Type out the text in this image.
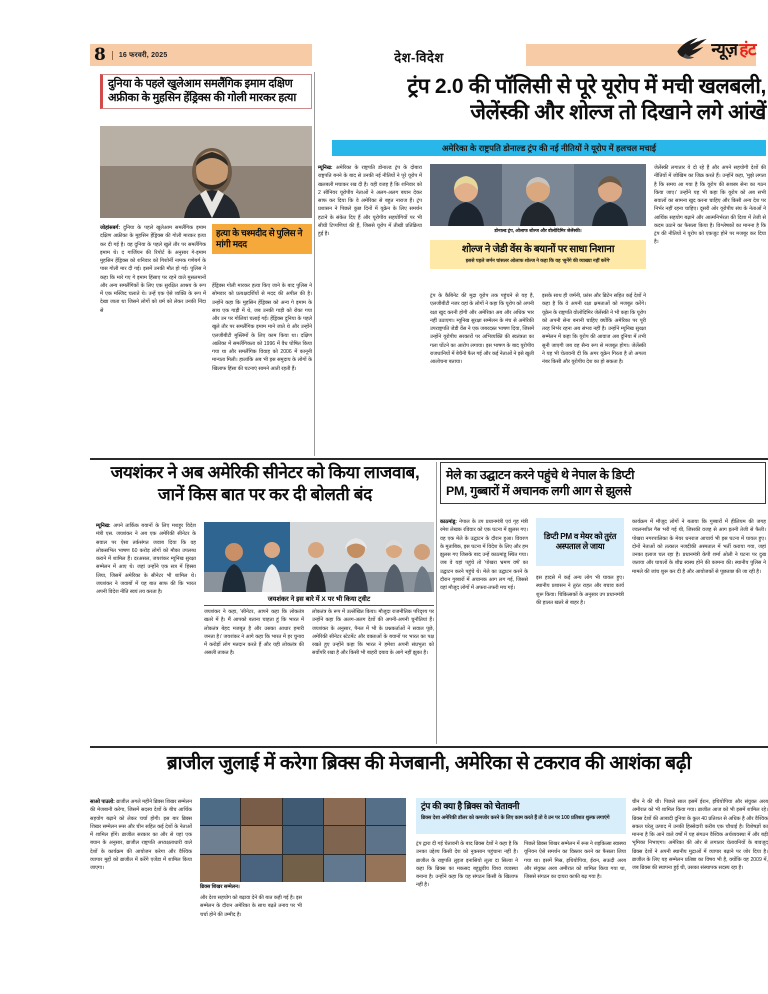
8	16 फरवरी, 2025	देश-विदेश	न्यूज़ हंट
दुनिया के पहले खुलेआम समलैंगिक इमाम दक्षिण अफ्रीका के मुहसिन हेंड्रिक्स की गोली मारकर हत्या
जोहांसबर्ग: दुनिया के पहले खुलेआम समलैंगिक इमाम दक्षिण अफ्रीका के मुहसिन हेंड्रिक्स की गोली मारकर हत्या कर दी गई है। वह दुनिया के पहले खुले तौर पर समलैंगिक इमाम थे। द गार्जियन की रिपोर्ट के अनुसार गे-इमाम मुहसिन हेंड्रिक्स को शनिवार को गिशोर्नी नामक गणेबर्ग के पास गोली मार दी गई। इसमें उनकी मौत हो गई। पुलिस ने कहा कि मारे गए गे इमाम हिंसाए पर रहने वाले मुसलमानों और अन्य समलैंगिकों के लिए एक सुरक्षित आश्रय के रूप में एक मस्जिद चलाते थे। उन्हें एक ऐसे व्यक्ति के रूप में देखा जाता था जिसने लोगों को धर्म को लेकर उनकी निंदा से
हत्या के चश्मदीद से पुलिस ने मांगी मदद
हेंड्रिक्स गोली मारकर हत्या किए जाने के बाद पुलिस ने सोमवार को प्रत्यक्षदर्शियों से मदद की अपील की है। उन्होंने कहा कि मुहसिन हेंड्रिक्स को अन्य गे इमाम के साथ एक गाड़ी में थे, जब उनकी गाड़ी को रोका गया और उन पर गोलियां चलाई गईं। हेंड्रिक्स दुनिया के पहले खुले तौर पर समलैंगिक इमाम माने जाते थे और उन्होंने एलजीबीटी मुस्लिमों के लिए काम किया था। दक्षिण अफ्रीका में समलैंगिकता को 1996 में वैध घोषित किया गया था और समलैंगिक विवाह को 2006 में कानूनी मान्यता मिली। हालांकि अब भी इस समुदाय के लोगों के खिलाफ हिंसा की घटनाएं सामने आती रहती हैं।
ट्रंप 2.0 की पॉलिसी से पूरे यूरोप में मची खलबली,
जेलेंस्की और शोल्ज तो दिखाने लगे आंखें
अमेरिका के राष्ट्रपति डोनाल्ड ट्रंप की नई नीतियों ने यूरोप में हलचल मचाई
म्यूनिख: अमेरिका के राष्ट्रपति डोनाल्ड ट्रंप के दोबारा राष्ट्रपति बनने के बाद से उनकी नई नीतियों ने पूरे यूरोप में खलबली मचाकर रख दी है। यही वजह है कि शनिवार को 2 सीनियर यूरोपीय नेताओं ने अलग-अलग बयान देकर साफ कर दिया कि वे अमेरिका से बहुत नाराज हैं। ट्रंप प्रशासन ने पिछले कुछ दिनों में यूक्रेन के लिए समर्थन हटाने के संकेत दिए हैं और यूरोपीय सहयोगियों पर भी सीधी टिप्पणियां की हैं, जिससे यूरोप में तीखी प्रतिक्रिया हुई है।
डोनाल्ड ट्रंप, ओलाफ शोल्ज और वोलोदिमिर जेलेंस्की।
शोल्ज ने जेडी वेंस के बयानों पर साधा निशाना
इससे पहले जर्मन चांसलर ओलाफ शोल्ज ने कहा कि वह 'सुनेंगे की व्याख्या नहीं करेंगे'
ट्रंप के कैबिनेट की मुद्रा यूरोप तक पहुंचने से यह है, एलजीबीटी नजर वहां के लोगों ने कहा कि यूरोप को अपनी रक्षा खुद करनी होगी और अमेरिका अब और अधिक भार नहीं उठाएगा। म्यूनिख सुरक्षा सम्मेलन के मंच से अमेरिकी उपराष्ट्रपति जेडी वेंस ने एक जबरदस्त भाषण दिया, जिसमें उन्होंने यूरोपीय सरकारों पर अभिव्यक्ति की स्वतंत्रता का गला घोंटने का आरोप लगाया। इस भाषण के बाद यूरोपीय राजधानियों में बेचैनी फैल गई और कई नेताओं ने इसे खुली आलोचना बताया।
इसके साथ ही जर्मनी, फ्रांस और ब्रिटेन सहित कई देशों ने कहा है कि वे अपनी रक्षा क्षमताओं को मजबूत करेंगे। यूक्रेन के राष्ट्रपति वोलोदिमिर जेलेंस्की ने भी कहा कि यूरोप को अपनी सेना बनानी चाहिए क्योंकि अमेरिका पर पूरी तरह निर्भर रहना अब संभव नहीं है। उन्होंने म्यूनिख सुरक्षा सम्मेलन में कहा कि यूरोप की आवाज अब दुनिया में तभी सुनी जाएगी जब वह सैन्य रूप से मजबूत होगा। जेलेंस्की ने यह भी चेतावनी दी कि अगर यूक्रेन गिरता है तो अगला नंबर किसी और यूरोपीय देश का हो सकता है।
जेलेंस्की लगातार ये दो रहे हैं और अपने सहयोगी देशों की नीतियों में जोखिम का जिक्र करते हैं। उन्होंने कहा, 'मुझे लगता है कि समय आ गया है कि यूरोप की सशस्त्र सेना का गठन किया जाए।' उन्होंने यह भी कहा कि यूरोप को अब सभी सवालों का सामना खुद करना चाहिए और किसी अन्य देश पर निर्भर नहीं रहना चाहिए। दूसरी ओर यूरोपीय संघ के नेताओं ने आर्थिक सहयोग बढ़ाने और आत्मनिर्भरता की दिशा में तेजी से कदम उठाने का फैसला किया है। विश्लेषकों का मानना है कि ट्रंप की नीतियों ने यूरोप को एकजुट होने पर मजबूर कर दिया है।
जयशंकर ने अब अमेरिकी सीनेटर को किया लाजवाब, जानें किस बात पर कर दी बोलती बंद
म्यूनिख: अपने तार्किक बयानों के लिए मशहूर विदेश मंत्री एस. जयशंकर ने अब एक अमेरिकी सीनेटर के सवाल पर ऐसा तर्कसंगत जवाब दिया कि वह लोकसभित भाषण 60 करोड़ लोगों को मौका उपलब्ध कराने में शामिल हैं। दरअसल, जयशंकर म्यूनिख सुरक्षा सम्मेलन में आए थे। जहां उन्होंने एक सत्र में हिस्सा लिया, जिसमें अमेरिका के सीनेटर भी शामिल थे। जयशंकर ने जवाबों में यह बात साफ की कि भारत अपनी विदेश नीति स्वयं तय करता है।
जयशंकर ने इस बारे में X पर भी किया ट्वीट
जयशंकर ने कहा, 'सीनेटर, आपने कहा कि लोकतंत्र खतरे में है। मैं आपको बताना चाहता हूं कि भारत में लोकतंत्र बेहद मजबूत है और उसका आधार हमारी जनता है।' जयशंकर ने आगे कहा कि भारत में हर चुनाव में करोड़ों लोग मतदान करते हैं और यही लोकतंत्र की असली ताकत है।
लोकतंत्र के रूप में उल्लेखित किया। मौजूदा राजनीतिक परिदृश्य पर उन्होंने कहा कि अलग-अलग देशों की अपनी-अपनी चुनौतियां हैं। जयशंकर के अनुसार, पैनल में भी के प्रश्नकर्ताओं ने सवाल पूछे, अमेरिकी सीनेटर स्टेटमेंट और वक्ताओं के बयानों पर भारत का पक्ष रखते हुए उन्होंने कहा कि भारत ने हमेशा अपनी संप्रभुता को सर्वोपरि रखा है और किसी भी बाहरी दबाव के आगे नहीं झुका है।
मेले का उद्घाटन करने पहुंचे थे नेपाल के डिप्टी
PM, गुब्बारों में अचानक लगी आग से झुलसे
काठमांडू: नेपाल के उप प्रधानमंत्री एवं गृह मंत्री रमेश लेखक रविवार को एक घटना में झुलस गए। वह एक मेले के उद्घाटन के दौरान हुआ। विवरण के मुताबिक, इस घटना में विदेश के लिए और हम झुलस गए जिसके बाद उन्हें काठमांडू स्थित गया। जब वे यहां पहुंचे तो 'पोखरा भ्रमण वर्ष' का उद्घाटन करने पहुंचे थे। मेले का उद्घाटन करने के दौरान गुब्बारों में अचानक आग लग गई, जिससे वहां मौजूद लोगों में अफरा-तफरी मच गई।
डिप्टी PM व मेयर को तुरंत अस्पताल ले जाया
इस हादसे में कई अन्य लोग भी घायल हुए। स्थानीय प्रशासन ने तुरंत राहत और बचाव कार्य शुरू किया। चिकित्सकों के अनुसार उप प्रधानमंत्री की हालत खतरे से बाहर है।
कार्यक्रम में मौजूद लोगों ने बताया कि गुब्बारों में हीलियम की जगह ज्वलनशील गैस भरी गई थी, जिसकी वजह से आग इतनी तेजी से फैली। पोखरा नगरपालिका के मेयर धनराज आचार्य भी इस घटना में घायल हुए। दोनों नेताओं को तत्काल नजदीकी अस्पताल में भर्ती कराया गया, जहां उनका इलाज चल रहा है। प्रधानमंत्री केपी शर्मा ओली ने घटना पर दुख जताया और घायलों के शीघ्र स्वस्थ होने की कामना की। स्थानीय पुलिस ने मामले की जांच शुरू कर दी है और आयोजकों से पूछताछ की जा रही है।
ब्राजील जुलाई में करेगा ब्रिक्स की मेजबानी, अमेरिका से टकराव की आशंका बढ़ी
साओ पाउलो: ब्राजील अगले महीने ब्रिक्स शिखर सम्मेलन की मेजबानी करेगा, जिसमें सदस्य देशों के बीच आर्थिक सहयोग बढ़ाने को लेकर चर्चा होगी। इस बार ब्रिक्स शिखर सम्मेलन रूस और चीन सहित कई देशों के नेताओं में शामिल होंगे। ब्राजील सरकार का और से यहां एक बयान के अनुसार, ब्राजील राष्ट्रपति अध्यक्षताधारी वाले देशों के कार्यक्रम की आयोजन करेगा और वैश्विक व्यापार मुद्दों को ब्राजील में करेंगे एजेंडा में शामिल किया जाएगा।
ब्रिक्स शिखर सम्मेलन।
ट्रंप की क्या है ब्रिक्स को चेतावनी
ब्रिक्स देशा अमेरिकी डॉलर को कमजोर करने के लिए काम करते हैं तो वे उन पर 100 प्रतिशत शुल्क लगाएंगे
और देशा सहयोग को बढ़ावा देने की बात कही गई है। इस सम्मेलन के दौरान अमेरिका के साथ बढ़ते तनाव पर भी चर्चा होने की उम्मीद है।
ट्रंप द्वारा दी गई चेतावनी के बाद ब्रिक्स देशों ने कहा है कि उनका उद्देश्य किसी देश को नुकसान पहुंचाना नहीं है। ब्राजील के राष्ट्रपति लुइज इनासियो लूला दा सिल्वा ने कहा कि ब्रिक्स का मकसद बहुध्रुवीय विश्व व्यवस्था बनाना है। उन्होंने कहा कि यह संगठन किसी के खिलाफ नहीं है।
पिछले ब्रिक्स शिखर सम्मेलन में रूस ने शइकित्सा स्वास्थ्य यूनियन ऐसे समर्थन का विस्तार करने का फैसला लिया गया था। इसमें मिस्र, इथियोपिया, ईरान, सऊदी अरब और संयुक्त अरब अमीरात को शामिल किया गया था, जिससे संगठन का दायरा काफी बढ़ गया है।
चीन ने की थी। पिछले साल इसमें ईरान, इथियोपिया और संयुक्त अरब अमीरात को भी शामिल किया गया। ब्राजील आज को भी इसमें शामिल रहे। ब्रिक्स देशों की आबादी दुनिया के कुल 40 प्रतिशत से अधिक है और वैश्विक सकल घरेलू उत्पाद में उनकी हिस्सेदारी करीब एक चौथाई है। विशेषज्ञों का मानना है कि आने वाले वर्षों में यह संगठन वैश्विक अर्थव्यवस्था में और बड़ी भूमिका निभाएगा। अमेरिका की ओर से लगातार चेतावनियों के बावजूद ब्रिक्स देशों ने अपनी स्थानीय मुद्राओं में व्यापार बढ़ाने पर जोर दिया है। ब्राजील के लिए यह सम्मेलन प्रतिष्ठा का विषय भी है, क्योंकि वह 2009 में, जब ब्रिक्स की स्थापना हुई थी, उसका संस्थापक सदस्य रहा है।
